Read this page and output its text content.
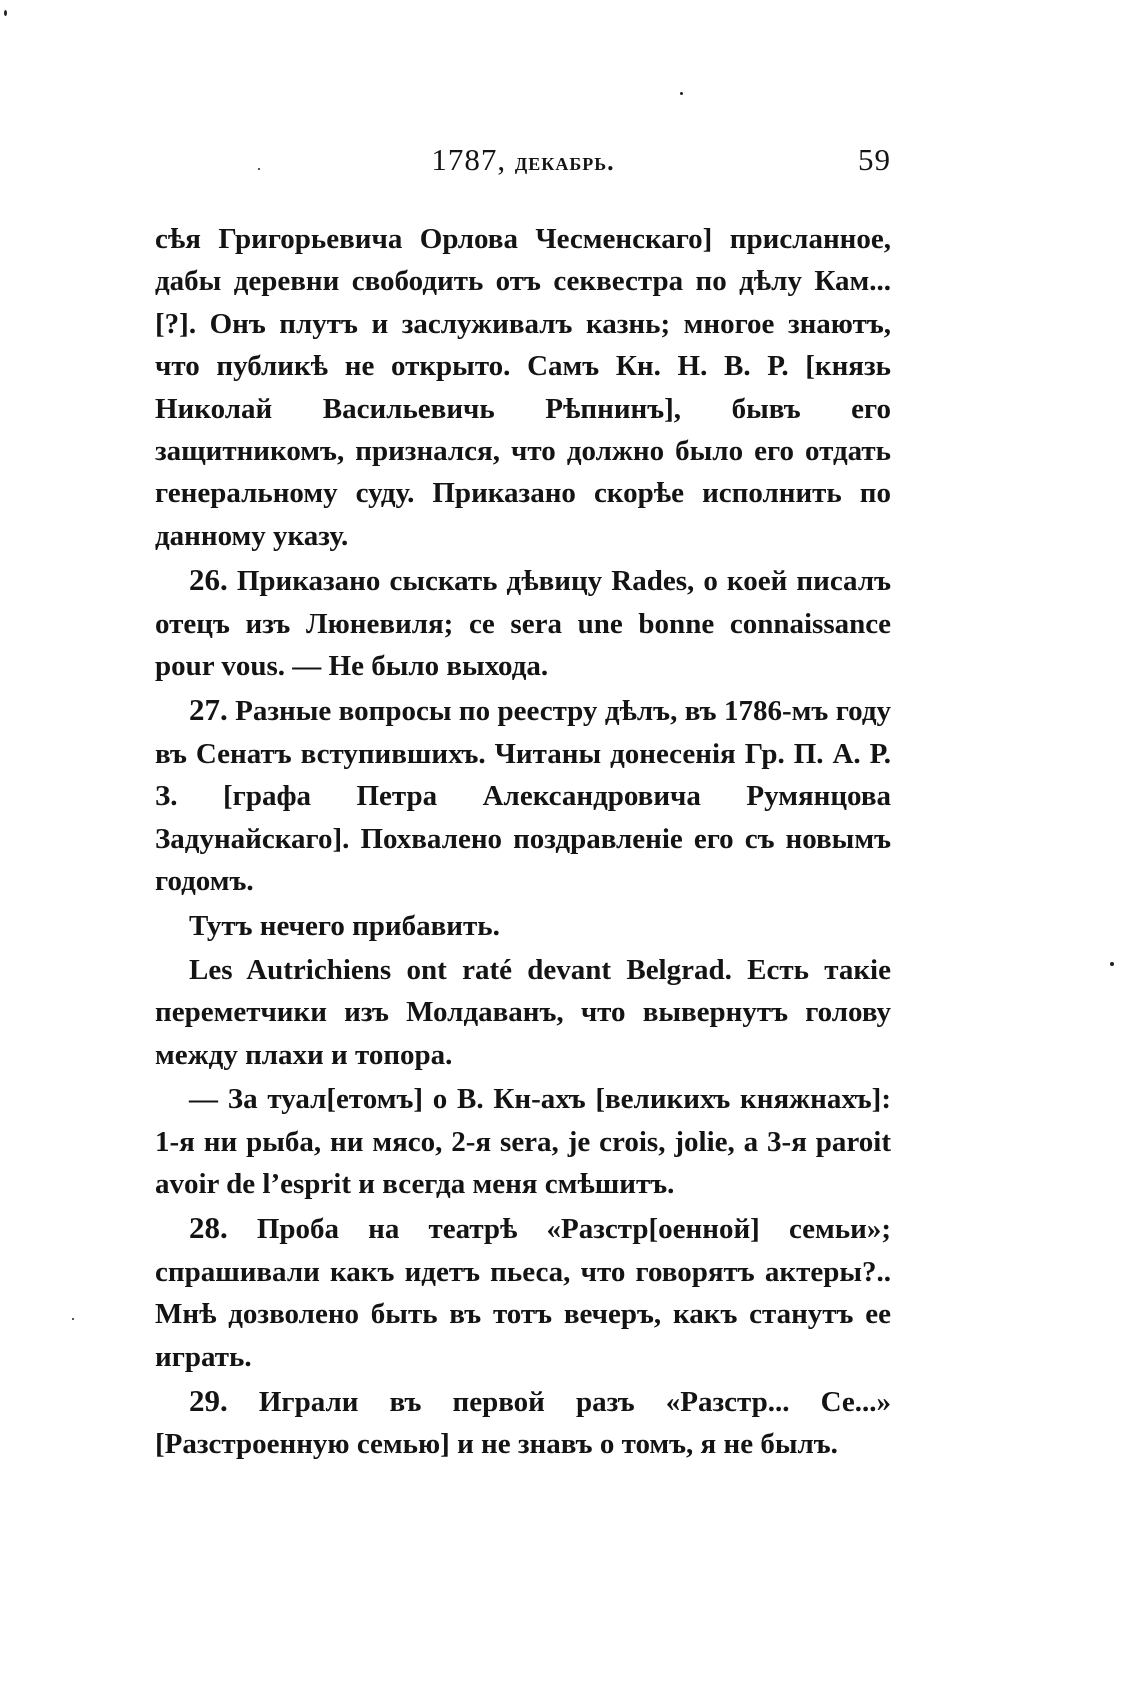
1787, декабрь.	59

сѣя Григорьевича Орлова Чесменскаго] присланное, дабы деревни свободить отъ секвестра по дѣлу Кам... [?]. Онъ плутъ и заслуживалъ казнь; многое знаютъ, что публикѣ не открыто. Самъ Кн. Н. В. Р. [князь Николай Васильевичь Рѣпнинъ], бывъ его защитникомъ, признался, что должно было его отдать генеральному суду. Приказано скорѣе исполнить по данному указу.

26. Приказано сыскать дѣвицу Rades, о коей писалъ отецъ изъ Люневиля; ce sera une bonne connaissance pour vous. — Не было выхода.

27. Разные вопросы по реестру дѣлъ, въ 1786-мъ году въ Сенатъ вступившихъ. Читаны донесенія Гр. П. А. Р. З. [графа Петра Александровича Румянцова Задунайскаго]. Похвалено поздравленіе его съ новымъ годомъ.

Тутъ нечего прибавить.

Les Autrichiens ont raté devant Belgrad. Есть такіе переметчики изъ Молдаванъ, что вывернутъ голову между плахи и топора.

— За туал[етомъ] о В. Кн-ахъ [великихъ княжнахъ]: 1-я ни рыба, ни мясо, 2-я sera, je crois, jolie, a 3-я paroit avoir de l’esprit и всегда меня смѣшитъ.

28. Проба на театрѣ «Разстр[оенной] семьи»; спрашивали какъ идетъ пьеса, что говорятъ актеры?.. Мнѣ дозволено быть въ тотъ вечеръ, какъ станутъ ее играть.

29. Играли въ первой разъ «Разстр... Се...» [Разстроенную семью] и не знавъ о томъ, я не былъ.
